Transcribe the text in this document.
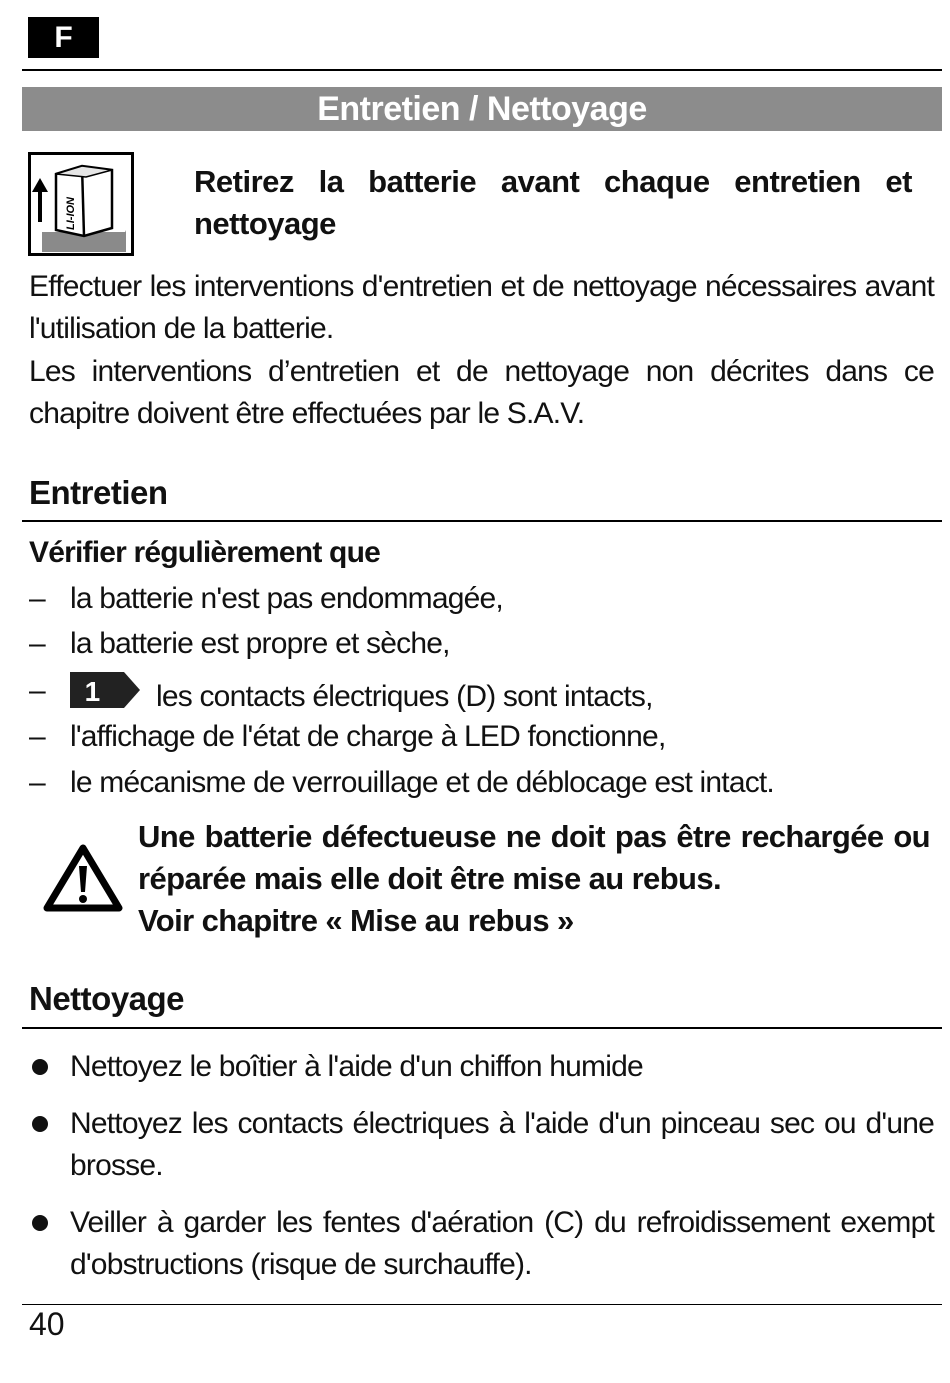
F
Entretien / Nettoyage
LI-ION
Retirez la batterie avant chaque entretien et nettoyage
Effectuer les interventions d'entretien et de nettoyage nécessaires avant l'utilisation de la batterie.
Les interventions d’entretien et de nettoyage non décrites dans ce chapitre doivent être effectuées par le S.A.V.
Entretien
Vérifier régulièrement que
– la batterie n'est pas endommagée,
– la batterie est propre et sèche,
– 1 les contacts électriques (D) sont intacts,
– l'affichage de l'état de charge à LED fonctionne,
– le mécanisme de verrouillage et de déblocage est intact.
Une batterie défectueuse ne doit pas être rechargée ou réparée mais elle doit être mise au rebus.
Voir chapitre « Mise au rebus »
Nettoyage
Nettoyez le boîtier à l'aide d'un chiffon humide
Nettoyez les contacts électriques à l'aide d'un pinceau sec ou d'une brosse.
Veiller à garder les fentes d'aération (C) du refroidissement exempt d'obstructions (risque de surchauffe).
40
